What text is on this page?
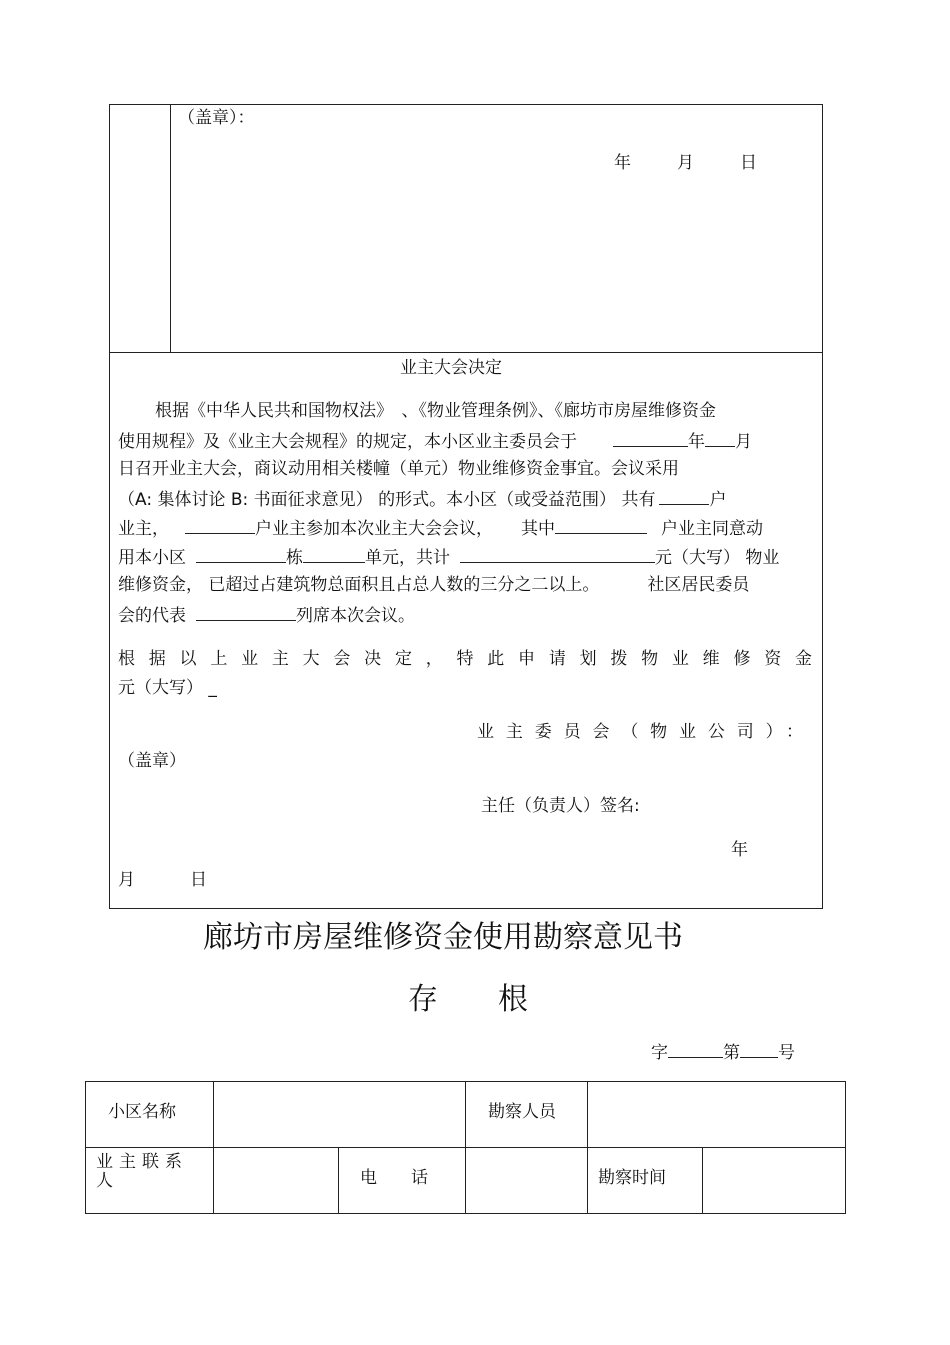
（盖章）：
年	月	日
业主大会决定
根据《中华人民共和国物权法》　、《物业管理条例》、《廊坊市房屋维修资金
使用规程》及《业主大会规程》的规定，本小区业主委员会于	年 月
日召开业主大会，商议动用相关楼幢（单元）物业维修资金事宜。会议采用
（A: 集体讨论 B: 书面征求意见） 的形式。本小区（或受益范围） 共有	户
业主，	户业主参加本次业主大会会议， 其中	户业主同意动
用本小区	栋	单元，共计	元（大写） 物业
维修资金， 已超过占建筑物总面积且占总人数的三分之二以上。	社区居民委员
会的代表	列席本次会议。
根据以上业主大会决定，特此申请划拨物业维修资金
元（大写） _
业主委员会（物业公司）：
（盖章）
主任（负责人）签名:
年
月	日
廊坊市房屋维修资金使用勘察意见书
存　　根
字	第 号
小区名称	勘察人员
业主联系人	电　　话	勘察时间
